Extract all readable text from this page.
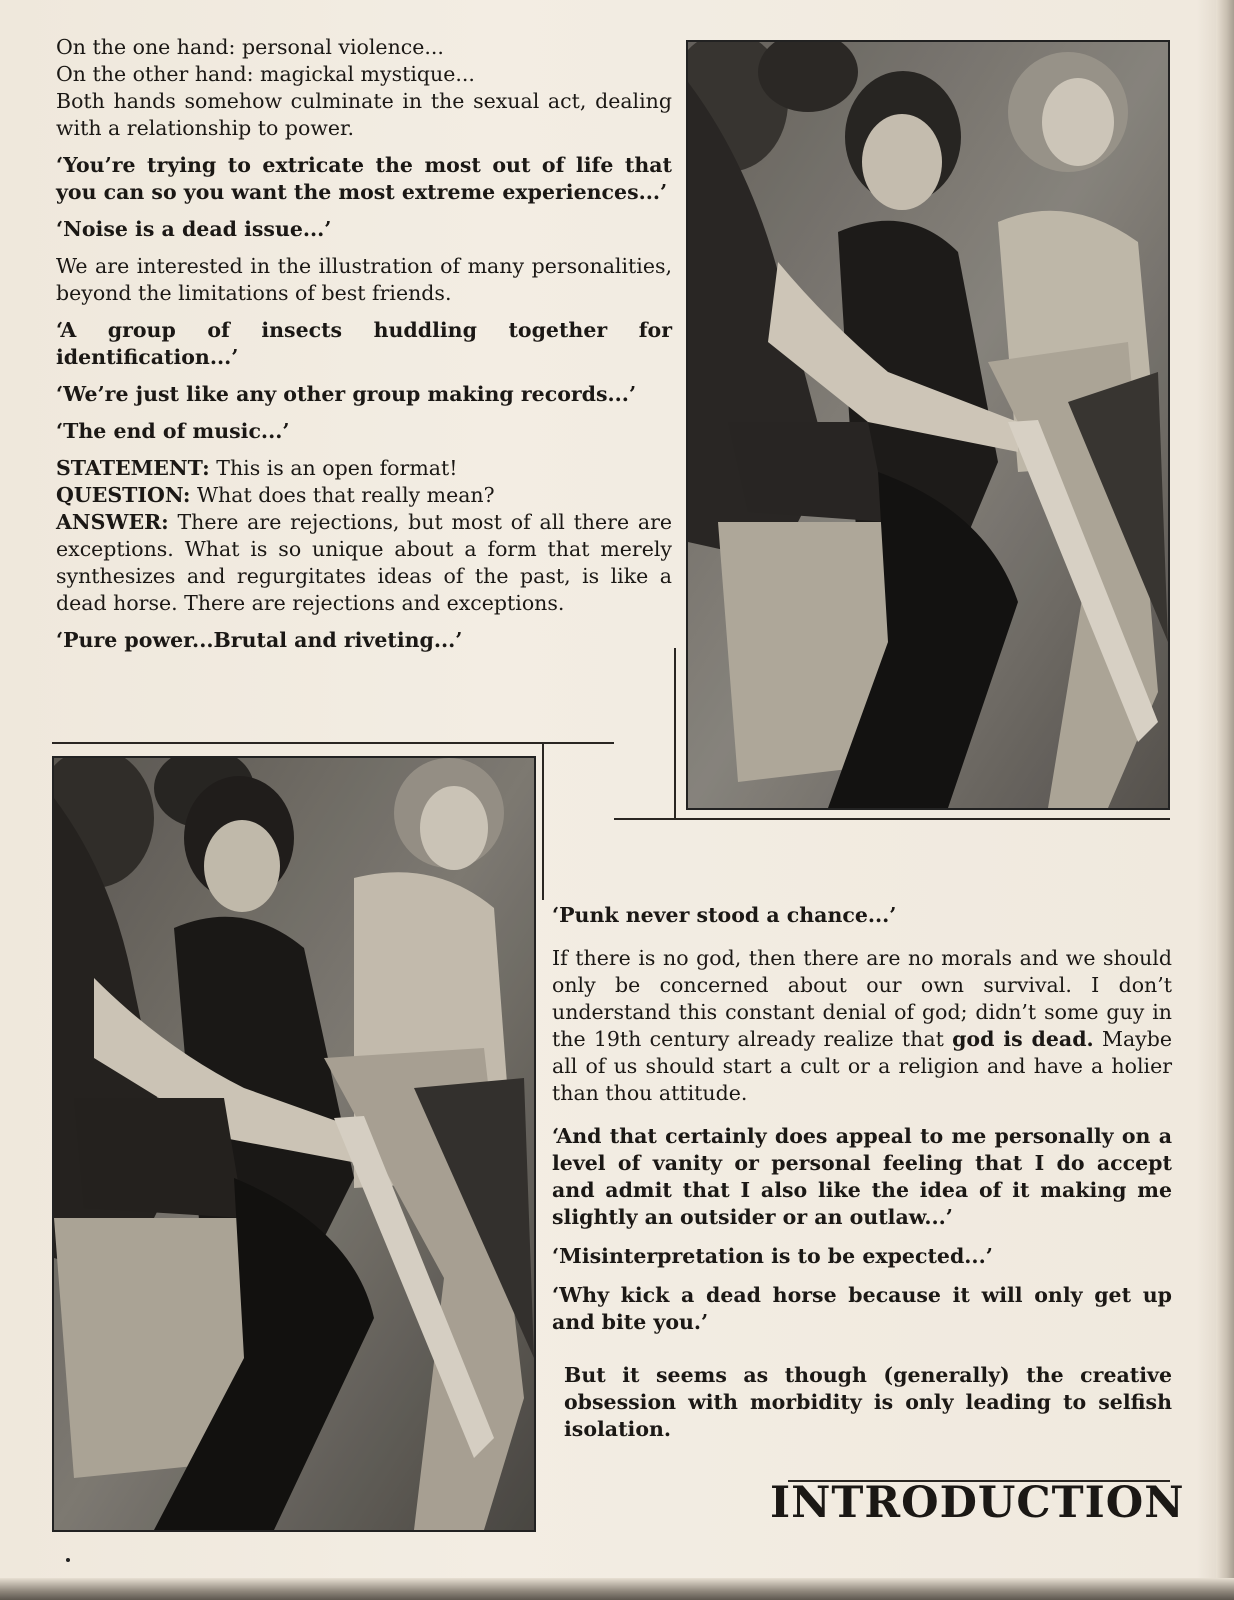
On the one hand: personal violence...
On the other hand: magickal mystique...
Both hands somehow culminate in the sexual act, dealing with a relationship to power.

‘You’re trying to extricate the most out of life that you can so you want the most extreme experiences...’

‘Noise is a dead issue...’

We are interested in the illustration of many personalities, beyond the limitations of best friends.

‘A group of insects huddling together for identification...’

‘We’re just like any other group making records...’

‘The end of music...’

STATEMENT: This is an open format!
QUESTION: What does that really mean?
ANSWER: There are rejections, but most of all there are exceptions. What is so unique about a form that merely synthesizes and regurgitates ideas of the past, is like a dead horse. There are rejections and exceptions.

‘Pure power...Brutal and riveting...’

‘Punk never stood a chance...’

If there is no god, then there are no morals and we should only be concerned about our own survival. I don’t understand this constant denial of god; didn’t some guy in the 19th century already realize that god is dead. Maybe all of us should start a cult or a religion and have a holier than thou attitude.

‘And that certainly does appeal to me personally on a level of vanity or personal feeling that I do accept and admit that I also like the idea of it making me slightly an outsider or an outlaw...’

‘Misinterpretation is to be expected...’

‘Why kick a dead horse because it will only get up and bite you.’

But it seems as though (generally) the creative obsession with morbidity is only leading to selfish isolation.

INTRODUCTION
